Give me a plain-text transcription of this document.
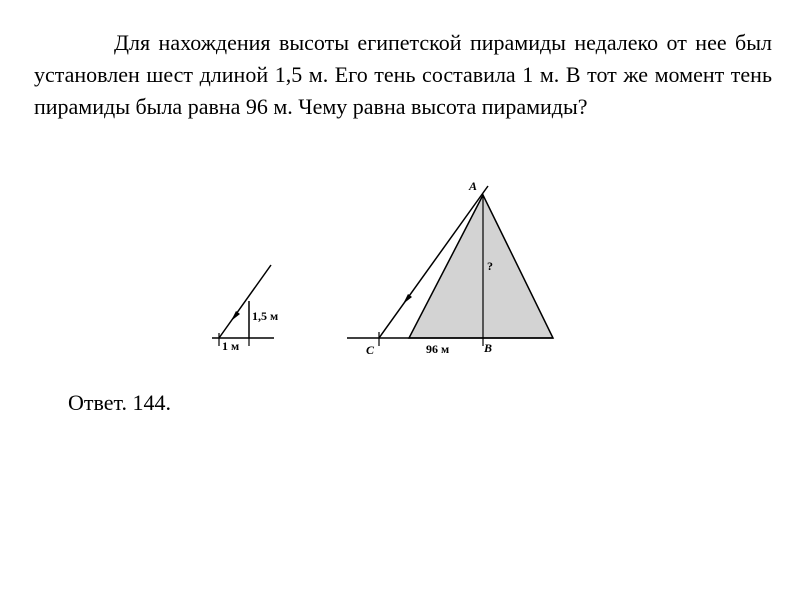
Для нахождения высоты египетской пирамиды недалеко от нее был установлен шест длиной 1,5 м. Его тень составила 1 м. В тот же момент тень пирамиды была равна 96 м. Чему равна высота пирамиды?

1,5 м
1 м
A
?
C	96 м	B

Ответ. 144.
